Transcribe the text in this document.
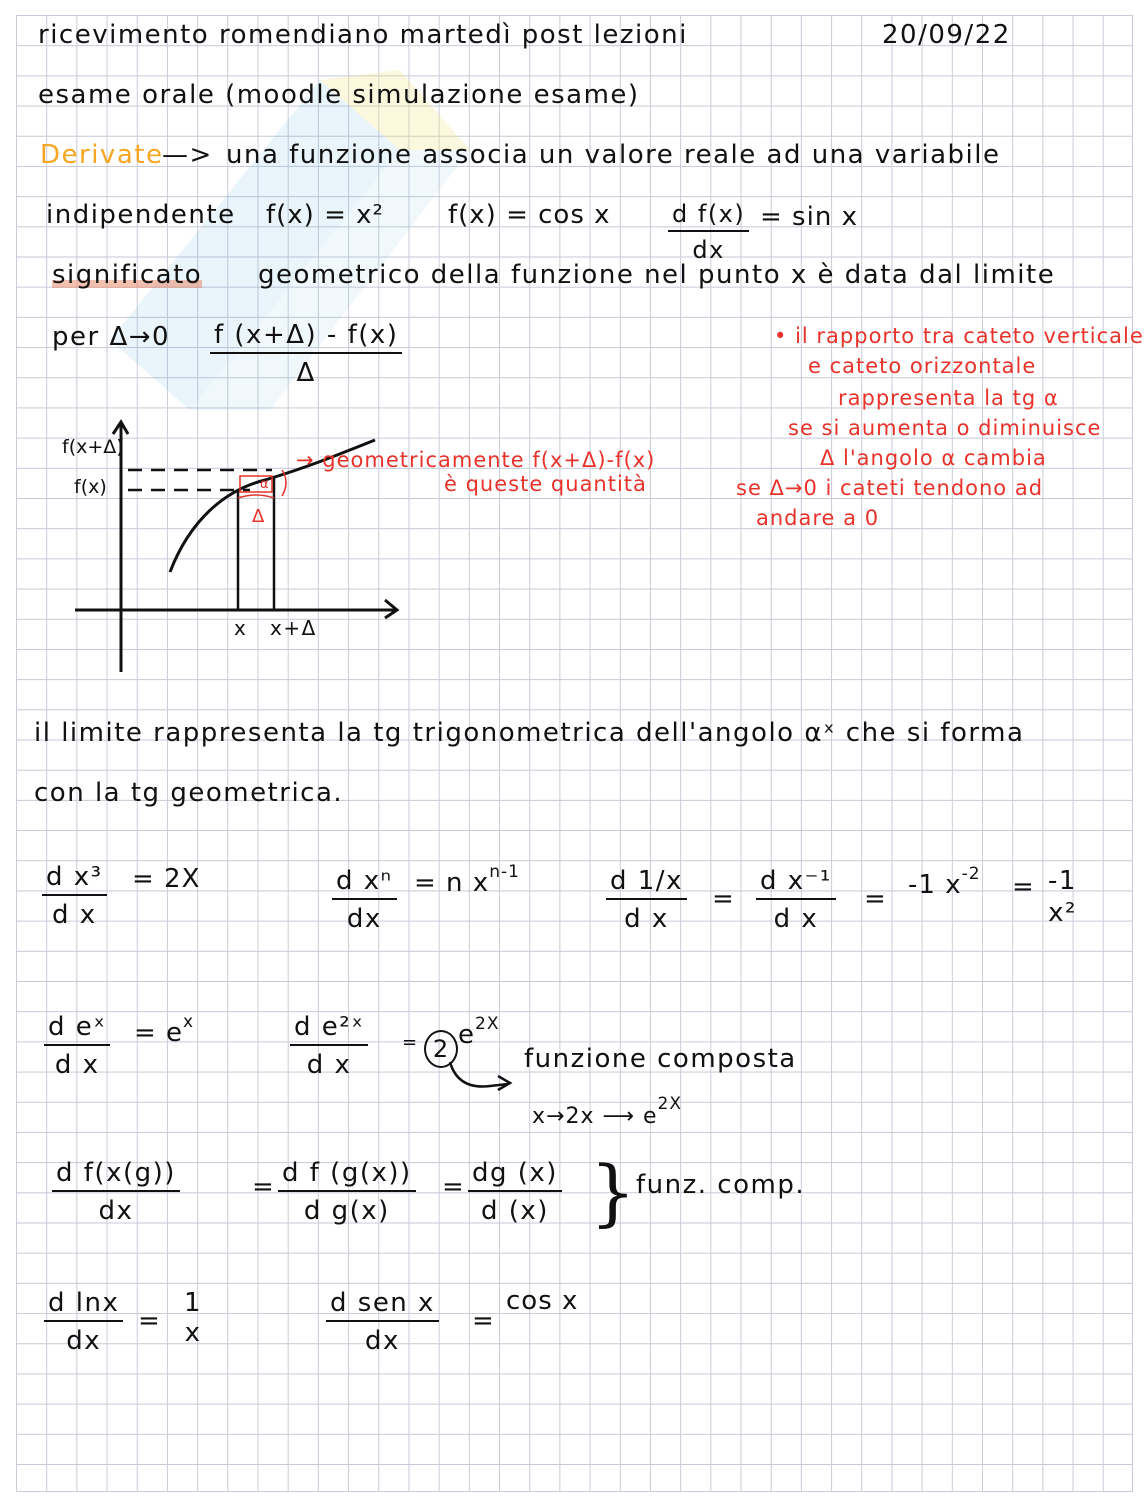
ricevimento romendiano martedì post lezioni	20/09/22
esame orale (moodle simulazione esame)
Derivate
—> una funzione associa un valore reale ad una variabile
indipendente f(x) = x² f(x) = cos x $\frac{\text{d f(x)}}{dx} = \sin x$
significato geometrico della funzione nel punto x è data dal limite
per $\Delta\to 0 \frac{f (x+\Delta) - f(x)}{\Delta}$	• il rapporto tra cateto verticale
e cateto orizzontale
rappresenta la tg α
se si aumenta o diminuisce
Δ l'angolo α cambia
se Δ→0 i cateti tendono ad
andare a 0
f(x+Δ)
f(x)
x x+Δ
Δ
α
→ geometricamente f(x+Δ)-f(x)
è queste quantità
il limite rappresenta la tg trigonometrica dell'angolo αˣ che si forma
con la tg geometrica.
$\frac{\text{d x³}}{\text{d x}} = 2X$	$\frac{\text{d xⁿ}}{dx} = n$ $x^{n-1}$	$\frac{d 1/x}{\text{d x}} = \frac{\text{d x⁻¹}}{\text{d x}} = -1$ $x^{-2} = -1$
x²
$\frac{\text{d eˣ}}{\text{d x}} = e^x$	$\frac{\text{d e²ˣ}}{\text{d x}} = 2$ $e^{2X}$
funzione composta
x→2x ⟶ $e^{2X}$
$\frac{\text{d f(x(g))}}{dx}$	= $\frac{\text{d f (g(x))}}{\text{d g(x)}} = \frac{dg (x)}{d (x)}$ } funz. comp.
$\frac{\text{d lnx}}{dx}$ =
1
x
d sen x
dx
=
cos x
